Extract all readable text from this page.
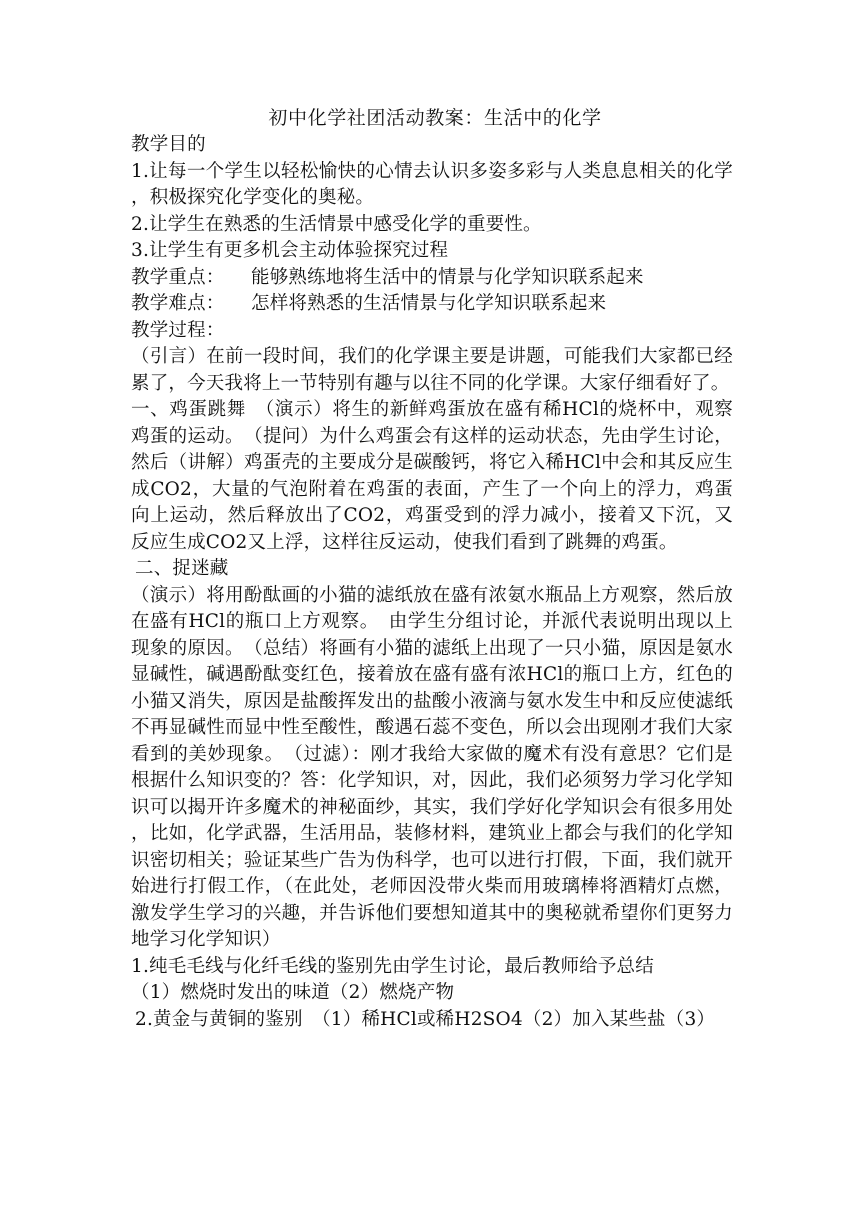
初中化学社团活动教案：生活中的化学

教学目的

1.让每一个学生以轻松愉快的心情去认识多姿多彩与人类息息相关的化学，积极探究化学变化的奥秘。

2.让学生在熟悉的生活情景中感受化学的重要性。

3.让学生有更多机会主动体验探究过程

教学重点： 能够熟练地将生活中的情景与化学知识联系起来

教学难点： 怎样将熟悉的生活情景与化学知识联系起来

教学过程：

（引言）在前一段时间，我们的化学课主要是讲题，可能我们大家都已经累了，今天我将上一节特别有趣与以往不同的化学课。大家仔细看好了。

一、鸡蛋跳舞　（演示）将生的新鲜鸡蛋放在盛有稀HCl的烧杯中，观察鸡蛋的运动。　（提问）为什么鸡蛋会有这样的运动状态，先由学生讨论，然后（讲解）鸡蛋壳的主要成分是碳酸钙，将它入稀HCl中会和其反应生成CO2，大量的气泡附着在鸡蛋的表面，产生了一个向上的浮力，鸡蛋向上运动，然后释放出了CO2，鸡蛋受到的浮力减小，接着又下沉，又反应生成CO2又上浮，这样往反运动，使我们看到了跳舞的鸡蛋。

二、捉迷藏

（演示）将用酚酞画的小猫的滤纸放在盛有浓氨水瓶品上方观察，然后放在盛有HCl的瓶口上方观察。　由学生分组讨论，并派代表说明出现以上现象的原因。　（总结）将画有小猫的滤纸上出现了一只小猫，原因是氨水显碱性，碱遇酚酞变红色，接着放在盛有盛有浓HCl的瓶口上方，红色的小猫又消失，原因是盐酸挥发出的盐酸小液滴与氨水发生中和反应使滤纸不再显碱性而显中性至酸性，酸遇石蕊不变色，所以会出现刚才我们大家看到的美妙现象。　（过滤）：刚才我给大家做的魔术有没有意思？它们是根据什么知识变的？答：化学知识，对，因此，我们必须努力学习化学知识可以揭开许多魔术的神秘面纱，其实，我们学好化学知识会有很多用处，比如，化学武器，生活用品，装修材料，建筑业上都会与我们的化学知识密切相关；验证某些广告为伪科学，也可以进行打假，下面，我们就开始进行打假工作，（在此处，老师因没带火柴而用玻璃棒将酒精灯点燃，激发学生学习的兴趣，并告诉他们要想知道其中的奥秘就希望你们更努力地学习化学知识）

1.纯毛毛线与化纤毛线的鉴别先由学生讨论，最后教师给予总结

（1）燃烧时发出的味道（2）燃烧产物

2.黄金与黄铜的鉴别　（1）稀HCl或稀H2SO4（2）加入某些盐（3）
